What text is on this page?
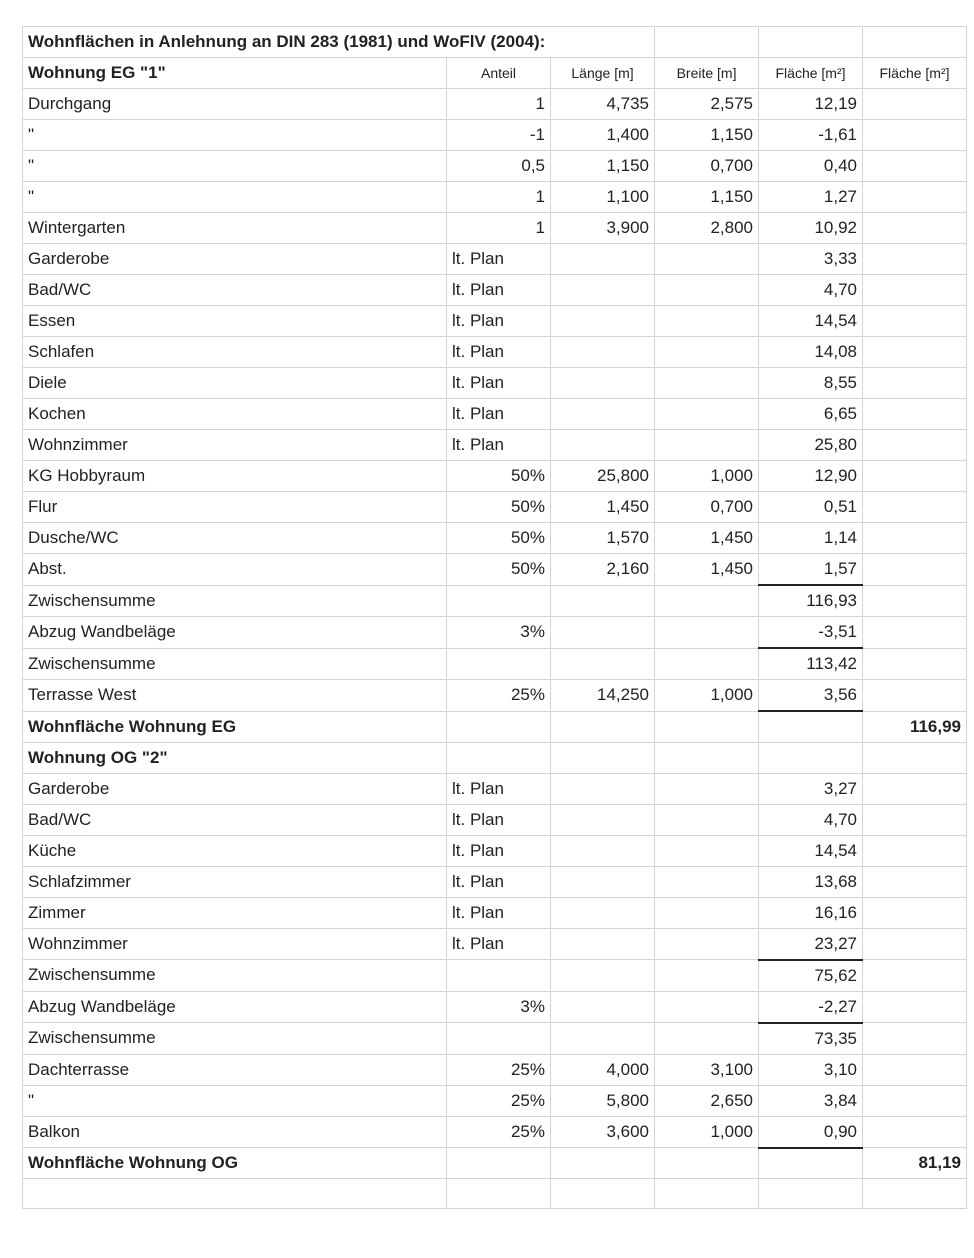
Wohnflächen in Anlehnung an DIN 283 (1981) und WoFlV (2004):					
Wohnung EG "1"	Anteil	Länge [m]	Breite [m]	Fläche [m²]	Fläche [m²]
Durchgang	1	4,735	2,575	12,19	
"	-1	1,400	1,150	-1,61	
"	0,5	1,150	0,700	0,40	
"	1	1,100	1,150	1,27	
Wintergarten	1	3,900	2,800	10,92	
Garderobe	lt. Plan			3,33	
Bad/WC	lt. Plan			4,70	
Essen	lt. Plan			14,54	
Schlafen	lt. Plan			14,08	
Diele	lt. Plan			8,55	
Kochen	lt. Plan			6,65	
Wohnzimmer	lt. Plan			25,80	
KG Hobbyraum	50%	25,800	1,000	12,90	
Flur	50%	1,450	0,700	0,51	
Dusche/WC	50%	1,570	1,450	1,14	
Abst.	50%	2,160	1,450	1,57	
Zwischensumme				116,93	
Abzug Wandbeläge	3%			-3,51	
Zwischensumme				113,42	
Terrasse West	25%	14,250	1,000	3,56	
Wohnfläche Wohnung EG					116,99
Wohnung OG "2"					
Garderobe	lt. Plan			3,27	
Bad/WC	lt. Plan			4,70	
Küche	lt. Plan			14,54	
Schlafzimmer	lt. Plan			13,68	
Zimmer	lt. Plan			16,16	
Wohnzimmer	lt. Plan			23,27	
Zwischensumme				75,62	
Abzug Wandbeläge	3%			-2,27	
Zwischensumme				73,35	
Dachterrasse	25%	4,000	3,100	3,10	
"	25%	5,800	2,650	3,84	
Balkon	25%	3,600	1,000	0,90	
Wohnfläche Wohnung OG					81,19
